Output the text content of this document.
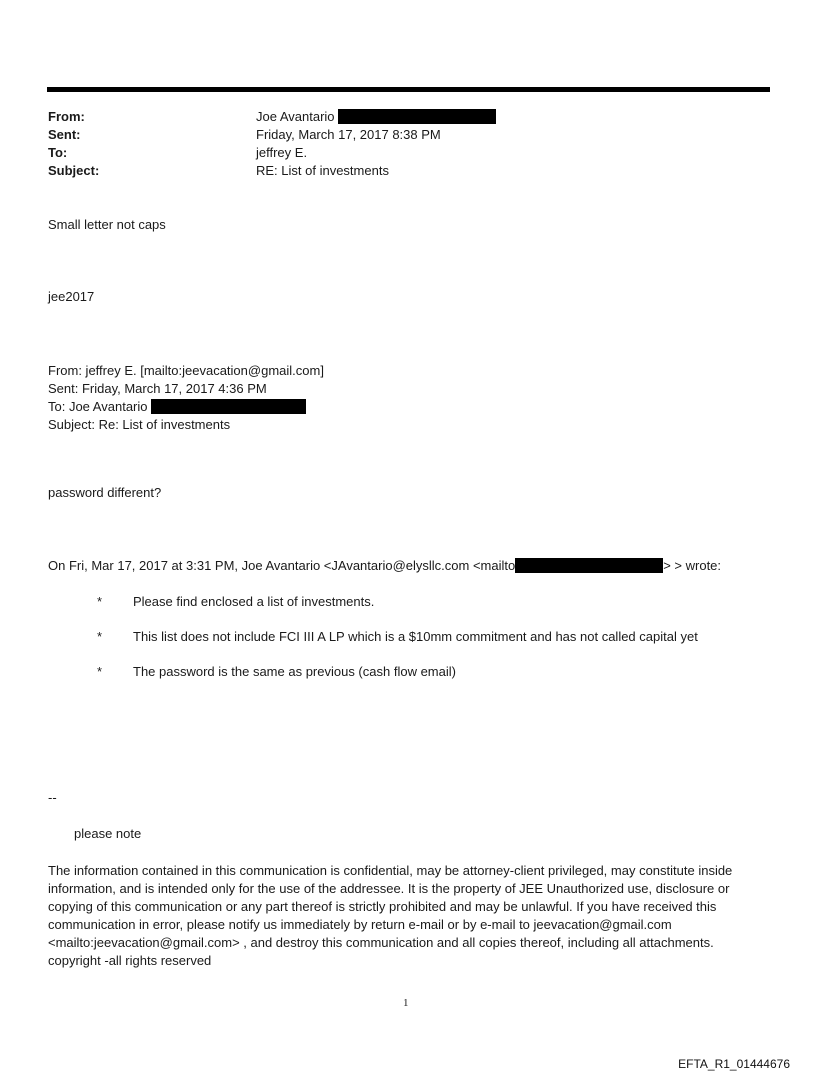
From:	Joe Avantario
Sent:	Friday, March 17, 2017 8:38 PM
To:	jeffrey E.
Subject:	RE: List of investments
Small letter not caps
jee2017
From: jeffrey E. [mailto:jeevacation@gmail.com]
Sent: Friday, March 17, 2017 4:36 PM
To: Joe Avantario
Subject: Re: List of investments
password different?
On Fri, Mar 17, 2017 at 3:31 PM, Joe Avantario <JAvantario@elysllc.com <mailto	> > wrote:
* Please find enclosed a list of investments.
* This list does not include FCI III A LP which is a $10mm commitment and has not called capital yet
* The password is the same as previous (cash flow email)
--
please note
The information contained in this communication is confidential, may be attorney-client privileged, may constitute inside information, and is intended only for the use of the addressee. It is the property of JEE Unauthorized use, disclosure or copying of this communication or any part thereof is strictly prohibited and may be unlawful. If you have received this communication in error, please notify us immediately by return e-mail or by e-mail to jeevacation@gmail.com <mailto:jeevacation@gmail.com> , and destroy this communication and all copies thereof, including all attachments. copyright -all rights reserved
1
EFTA_R1_01444676
